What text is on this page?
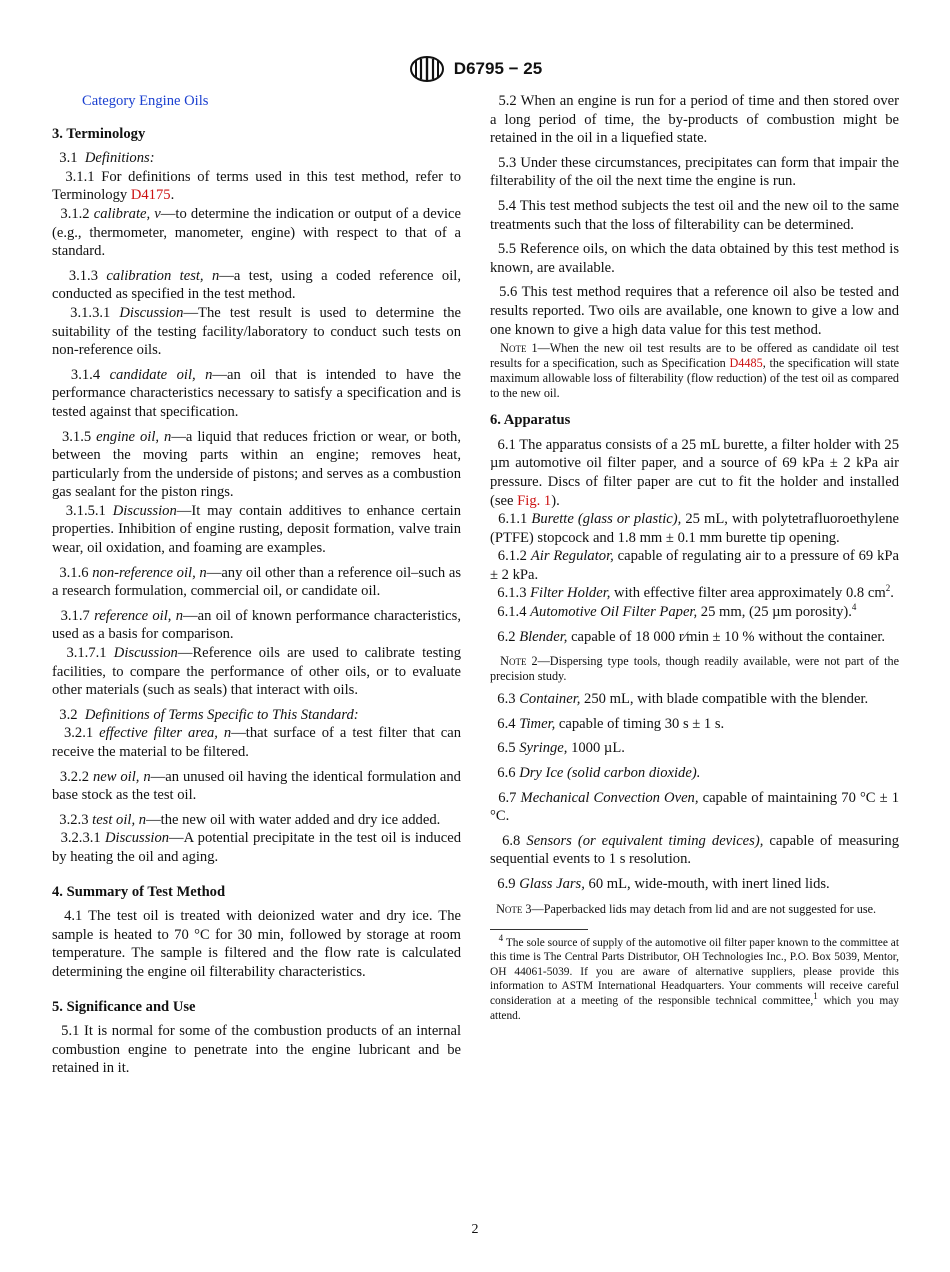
D6795 − 25

Category Engine Oils

3. Terminology

3.1 Definitions:

3.1.1 For definitions of terms used in this test method, refer to Terminology D4175.

3.1.2 calibrate, v—to determine the indication or output of a device (e.g., thermometer, manometer, engine) with respect to that of a standard.

3.1.3 calibration test, n—a test, using a coded reference oil, conducted as specified in the test method.

3.1.3.1 Discussion—The test result is used to determine the suitability of the testing facility/laboratory to conduct such tests on non-reference oils.

3.1.4 candidate oil, n—an oil that is intended to have the performance characteristics necessary to satisfy a specification and is tested against that specification.

3.1.5 engine oil, n—a liquid that reduces friction or wear, or both, between the moving parts within an engine; removes heat, particularly from the underside of pistons; and serves as a combustion gas sealant for the piston rings.

3.1.5.1 Discussion—It may contain additives to enhance certain properties. Inhibition of engine rusting, deposit formation, valve train wear, oil oxidation, and foaming are examples.

3.1.6 non-reference oil, n—any oil other than a reference oil–such as a research formulation, commercial oil, or candidate oil.

3.1.7 reference oil, n—an oil of known performance characteristics, used as a basis for comparison.

3.1.7.1 Discussion—Reference oils are used to calibrate testing facilities, to compare the performance of other oils, or to evaluate other materials (such as seals) that interact with oils.

3.2 Definitions of Terms Specific to This Standard:

3.2.1 effective filter area, n—that surface of a test filter that can receive the material to be filtered.

3.2.2 new oil, n—an unused oil having the identical formulation and base stock as the test oil.

3.2.3 test oil, n—the new oil with water added and dry ice added.

3.2.3.1 Discussion—A potential precipitate in the test oil is induced by heating the oil and aging.

4. Summary of Test Method

4.1 The test oil is treated with deionized water and dry ice. The sample is heated to 70 °C for 30 min, followed by storage at room temperature. The sample is filtered and the flow rate is calculated determining the engine oil filterability characteristics.

5. Significance and Use

5.1 It is normal for some of the combustion products of an internal combustion engine to penetrate into the engine lubricant and be retained in it.

5.2 When an engine is run for a period of time and then stored over a long period of time, the by-products of combustion might be retained in the oil in a liquefied state.

5.3 Under these circumstances, precipitates can form that impair the filterability of the oil the next time the engine is run.

5.4 This test method subjects the test oil and the new oil to the same treatments such that the loss of filterability can be determined.

5.5 Reference oils, on which the data obtained by this test method is known, are available.

5.6 This test method requires that a reference oil also be tested and results reported. Two oils are available, one known to give a low and one known to give a high data value for this test method.

Note 1—When the new oil test results are to be offered as candidate oil test results for a specification, such as Specification D4485, the specification will state maximum allowable loss of filterability (flow reduction) of the test oil as compared to the new oil.
6. Apparatus

6.1 The apparatus consists of a 25 mL burette, a filter holder with 25 µm automotive oil filter paper, and a source of 69 kPa ± 2 kPa air pressure. Discs of filter paper are cut to fit the holder and installed (see Fig. 1).

6.1.1 Burette (glass or plastic), 25 mL, with polytetrafluoroethylene (PTFE) stopcock and 1.8 mm ± 0.1 mm burette tip opening.

6.1.2 Air Regulator, capable of regulating air to a pressure of 69 kPa ± 2 kPa.

6.1.3 Filter Holder, with effective filter area approximately 0.8 $cm^2$.

6.1.4 Automotive Oil Filter Paper, 25 mm, (25 µm porosity).$^4$

6.2 Blender, capable of 18 000 r⁄min ± 10 % without the container.

Note 2—Dispersing type tools, though readily available, were not part of the precision study.

6.3 Container, 250 mL, with blade compatible with the blender.

6.4 Timer, capable of timing 30 s ± 1 s.

6.5 Syringe, 1000 µL.

6.6 Dry Ice (solid carbon dioxide).

6.7 Mechanical Convection Oven, capable of maintaining 70 °C ± 1 °C.

6.8 Sensors (or equivalent timing devices), capable of measuring sequential events to 1 s resolution.

6.9 Glass Jars, 60 mL, wide-mouth, with inert lined lids.

Note 3—Paperbacked lids may detach from lid and are not suggested for use.
$^4$ The sole source of supply of the automotive oil filter paper known to the committee at this time is The Central Parts Distributor, OH Technologies Inc., P.O. Box 5039, Mentor, OH 44061-5039. If you are aware of alternative suppliers, please provide this information to ASTM International Headquarters. Your comments will receive careful consideration at a meeting of the responsible technical committee,$^1$ which you may attend.
2
